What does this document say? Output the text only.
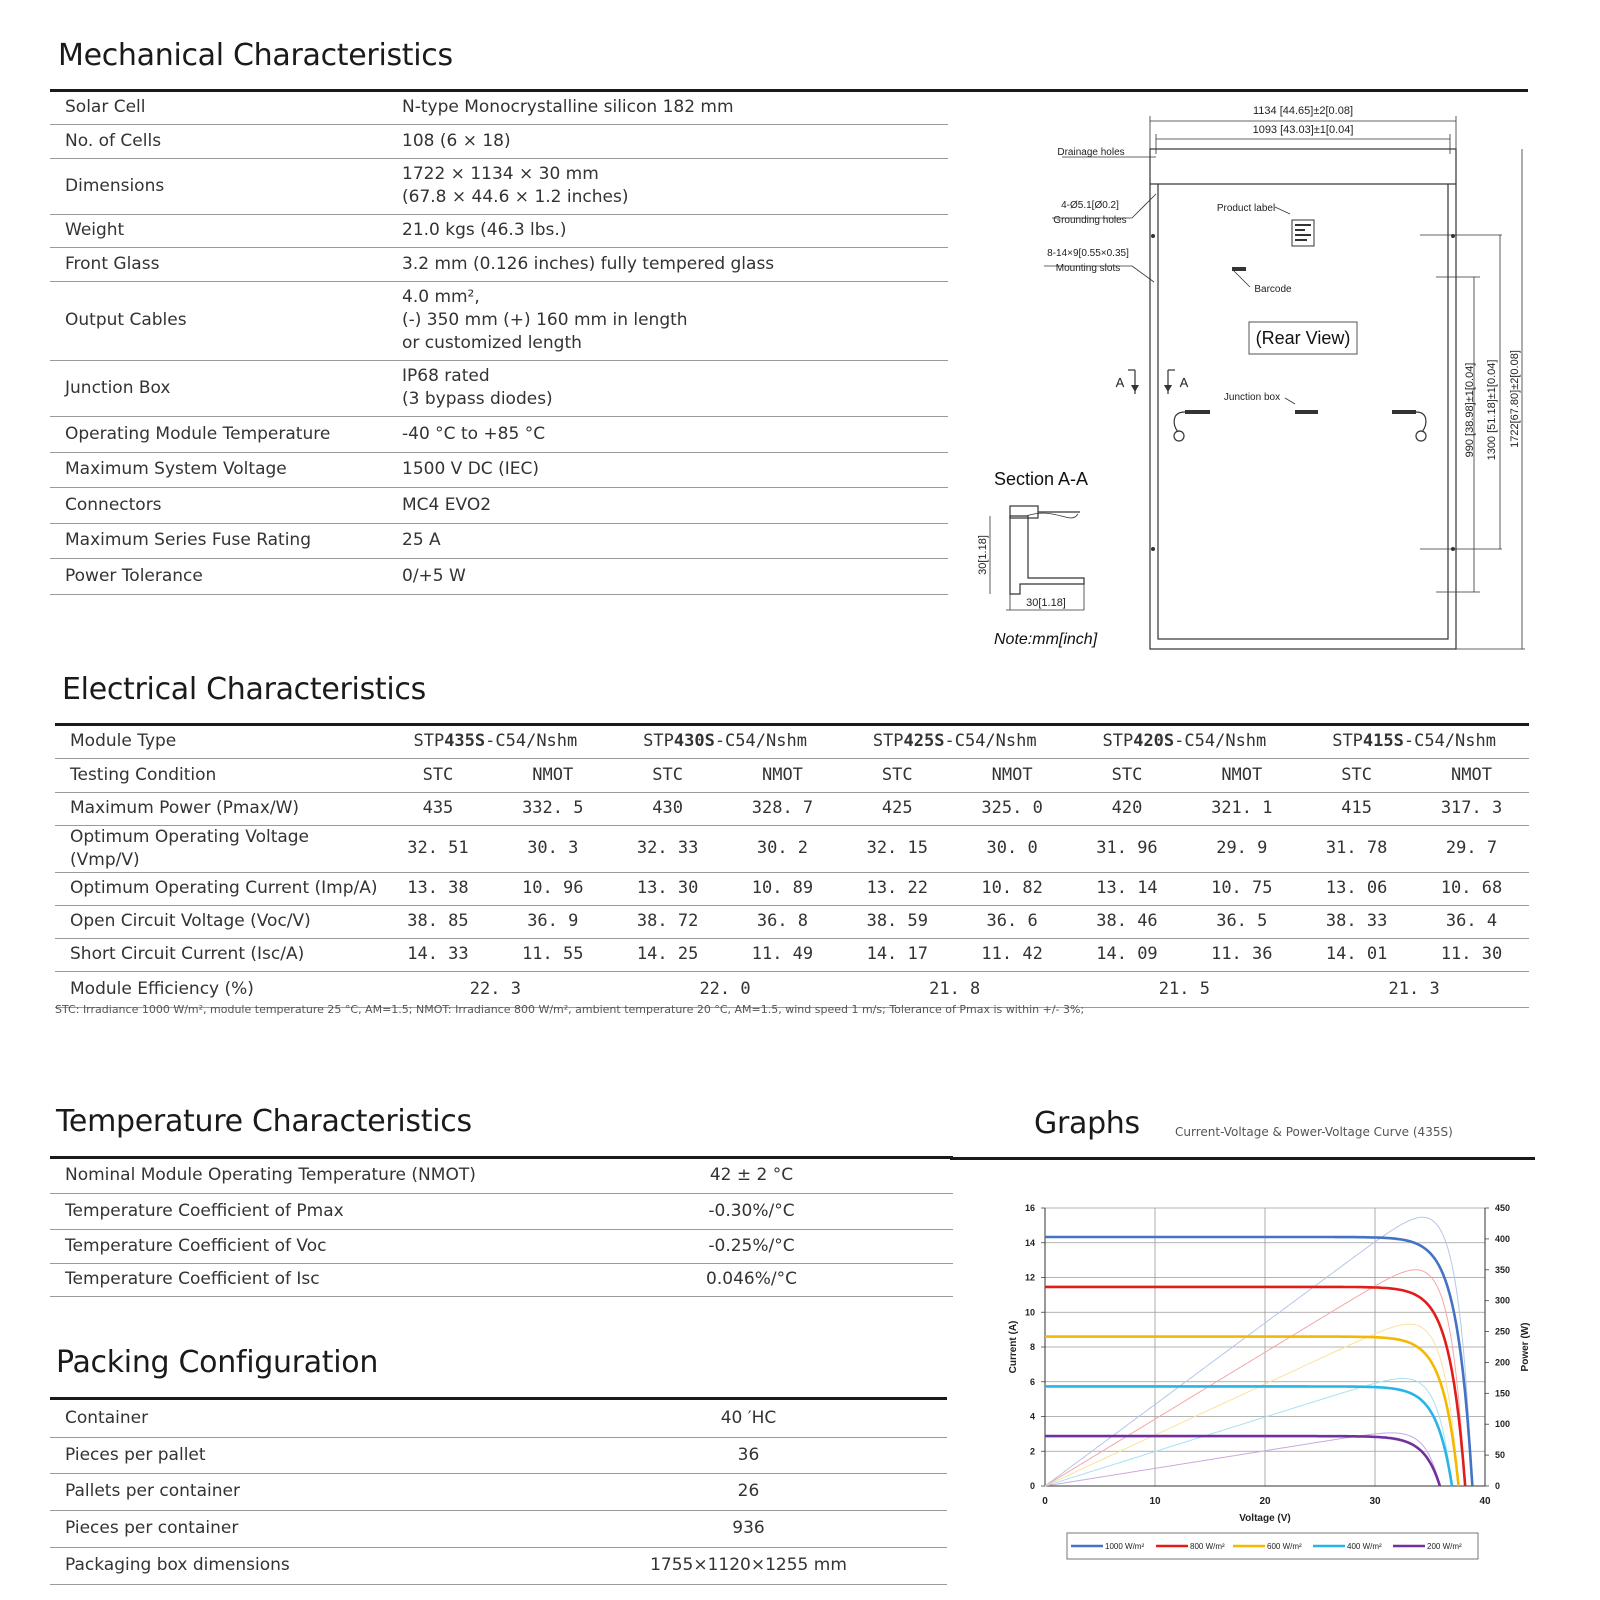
Mechanical Characteristics
Solar Cell	N-type Monocrystalline silicon 182 mm

No. of Cells	108 (6 × 18)

Dimensions	1722 × 1134 × 30 mm
(67.8 × 44.6 × 1.2 inches)

Weight	21.0 kgs (46.3 lbs.)

Front Glass	3.2 mm (0.126 inches) fully tempered glass

Output Cables	4.0 mm²,
(-) 350 mm (+) 160 mm in length
or customized length

Junction Box	IP68 rated
(3 bypass diodes)

Operating Module Temperature	-40 °C to +85 °C

Maximum System Voltage	1500 V DC (IEC)

Connectors	MC4 EVO2

Maximum Series Fuse Rating	25 A

Power Tolerance	0/+5 W
(Rear View)
1134 [44.65]±2[0.08]
1093 [43.03]±1[0.04]
Drainage holes
4-Ø5.1[Ø0.2]
Grounding holes
8-14×9[0.55×0.35]
Mounting slots
Product label
Barcode
A	A
Junction box	990 [38.98]±1[0.04] 1300 [51.18]±1[0.04] 1722[67.80]±2[0.08]
Section A-A
30[1.18]
30[1.18]
Note:mm[inch]
Electrical Characteristics
Module Type	STP435S-C54/Nshm		STP430S-C54/Nshm		STP425S-C54/Nshm		STP420S-C54/Nshm		STP415S-C54/Nshm	
Testing Condition	STC	NMOT	STC	NMOT	STC	NMOT	STC	NMOT	STC	NMOT
Maximum Power (Pmax/W)	435	332. 5	430	328. 7	425	325. 0	420	321. 1	415	317. 3
Optimum Operating Voltage (Vmp/V)	32. 51	30. 3	32. 33	30. 2	32. 15	30. 0	31. 96	29. 9	31. 78	29. 7
Optimum Operating Current (Imp/A)	13. 38	10. 96	13. 30	10. 89	13. 22	10. 82	13. 14	10. 75	13. 06	10. 68
Open Circuit Voltage (Voc/V)	38. 85	36. 9	38. 72	36. 8	38. 59	36. 6	38. 46	36. 5	38. 33	36. 4
Short Circuit Current (Isc/A)	14. 33	11. 55	14. 25	11. 49	14. 17	11. 42	14. 09	11. 36	14. 01	11. 30
Module Efficiency (%)	22. 3		22. 0		21. 8		21. 5		21. 3	
STC: Irradiance 1000 W/m², module temperature 25 °C, AM=1.5; NMOT: Irradiance 800 W/m², ambient temperature 20 °C, AM=1.5, wind speed 1 m/s; Tolerance of Pmax is within +/- 3%;
Temperature Characteristics
Nominal Module Operating Temperature (NMOT)	42 ± 2 °C
Temperature Coefficient of Pmax	-0.30%/°C
Temperature Coefficient of Voc	-0.25%/°C
Temperature Coefficient of Isc	0.046%/°C
Packing Configuration
Container	40 ′HC
Pieces per pallet	36
Pallets per container	26
Pieces per container	936
Packaging box dimensions	1755×1120×1255 mm
Graphs	Current-Voltage & Power-Voltage Curve (435S)
0	10	20	30	40
0
2
4
6
8
10
12
14
16
0
50
100
150
200
250
300
350
400
450
Voltage (V)
Current (A)	Power (W)
1000 W/m²	800 W/m²	600 W/m²	400 W/m²	200 W/m²
